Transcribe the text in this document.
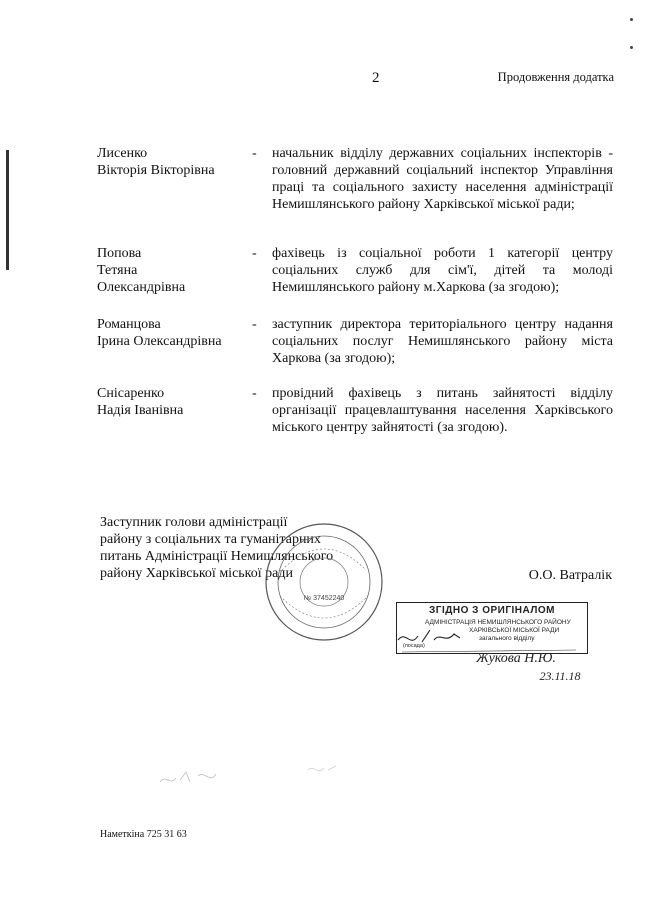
2	Продовження додатка
Лисенко
Вікторія Вікторівна
- начальник відділу державних соціальних інспекторів - головний державний соціальний інспектор Управління праці та соціального захисту населення адміністрації Немишлянського району Харківської міської ради;
Попова
Тетяна
Олександрівна
- фахівець із соціальної роботи 1 категорії центру соціальних служб для сім'ї, дітей та молоді Немишлянського району м.Харкова (за згодою);
Романцова
Ірина Олександрівна
- заступник директора територіального центру надання соціальних послуг Немишлянського району міста Харкова (за згодою);
Снісаренко
Надія Іванівна
- провідний фахівець з питань зайнятості відділу організації працевлаштування населення Харківського міського центру зайнятості (за згодою).
Заступник голови адміністрації
району з соціальних та гуманітарних
питань Адміністрації Немишлянського
району Харківської міської ради	О.О. Ватралік
№ 37452240
ЗГІДНО З ОРИГІНАЛОМ
АДМІНІСТРАЦІЯ НЕМИШЛЯНСЬКОГО РАЙОНУ
ХАРКІВСЬКОЇ МІСЬКОЇ РАДИ
загального відділу
(посада)
Жукова Н.Ю.
23.11.18
Наметкіна 725 31 63
